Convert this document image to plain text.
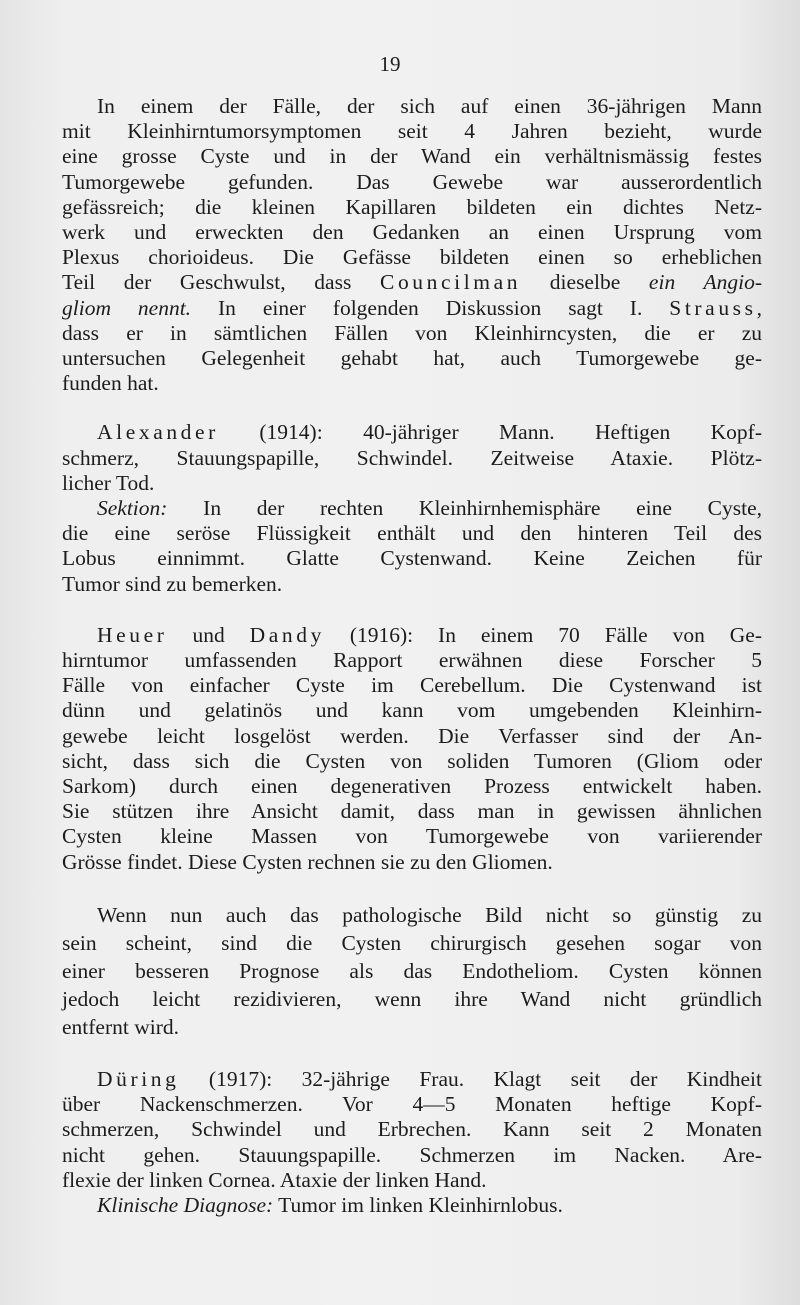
19
In einem der Fälle, der sich auf einen 36-jährigen Mann
mit Kleinhirntumorsymptomen seit 4 Jahren bezieht, wurde
eine grosse Cyste und in der Wand ein verhältnismässig festes
Tumorgewebe gefunden. Das Gewebe war ausserordentlich
gefässreich; die kleinen Kapillaren bildeten ein dichtes Netz-
werk und erweckten den Gedanken an einen Ursprung vom
Plexus chorioideus. Die Gefässe bildeten einen so erheblichen
Teil der Geschwulst, dass Councilman dieselbe ein Angio-
gliom nennt. In einer folgenden Diskussion sagt I. Strauss,
dass er in sämtlichen Fällen von Kleinhirncysten, die er zu
untersuchen Gelegenheit gehabt hat, auch Tumorgewebe ge-
funden hat.
Alexander (1914): 40-jähriger Mann. Heftigen Kopf-
schmerz, Stauungspapille, Schwindel. Zeitweise Ataxie. Plötz-
licher Tod.
Sektion: In der rechten Kleinhirnhemisphäre eine Cyste,
die eine seröse Flüssigkeit enthält und den hinteren Teil des
Lobus einnimmt. Glatte Cystenwand. Keine Zeichen für
Tumor sind zu bemerken.
Heuer und Dandy (1916): In einem 70 Fälle von Ge-
hirntumor umfassenden Rapport erwähnen diese Forscher 5
Fälle von einfacher Cyste im Cerebellum. Die Cystenwand ist
dünn und gelatinös und kann vom umgebenden Kleinhirn-
gewebe leicht losgelöst werden. Die Verfasser sind der An-
sicht, dass sich die Cysten von soliden Tumoren (Gliom oder
Sarkom) durch einen degenerativen Prozess entwickelt haben.
Sie stützen ihre Ansicht damit, dass man in gewissen ähnlichen
Cysten kleine Massen von Tumorgewebe von variierender
Grösse findet. Diese Cysten rechnen sie zu den Gliomen.
Wenn nun auch das pathologische Bild nicht so günstig zu
sein scheint, sind die Cysten chirurgisch gesehen sogar von
einer besseren Prognose als das Endotheliom. Cysten können
jedoch leicht rezidivieren, wenn ihre Wand nicht gründlich
entfernt wird.
Düring (1917): 32-jährige Frau. Klagt seit der Kindheit
über Nackenschmerzen. Vor 4—5 Monaten heftige Kopf-
schmerzen, Schwindel und Erbrechen. Kann seit 2 Monaten
nicht gehen. Stauungspapille. Schmerzen im Nacken. Are-
flexie der linken Cornea. Ataxie der linken Hand.
Klinische Diagnose: Tumor im linken Kleinhirnlobus.
